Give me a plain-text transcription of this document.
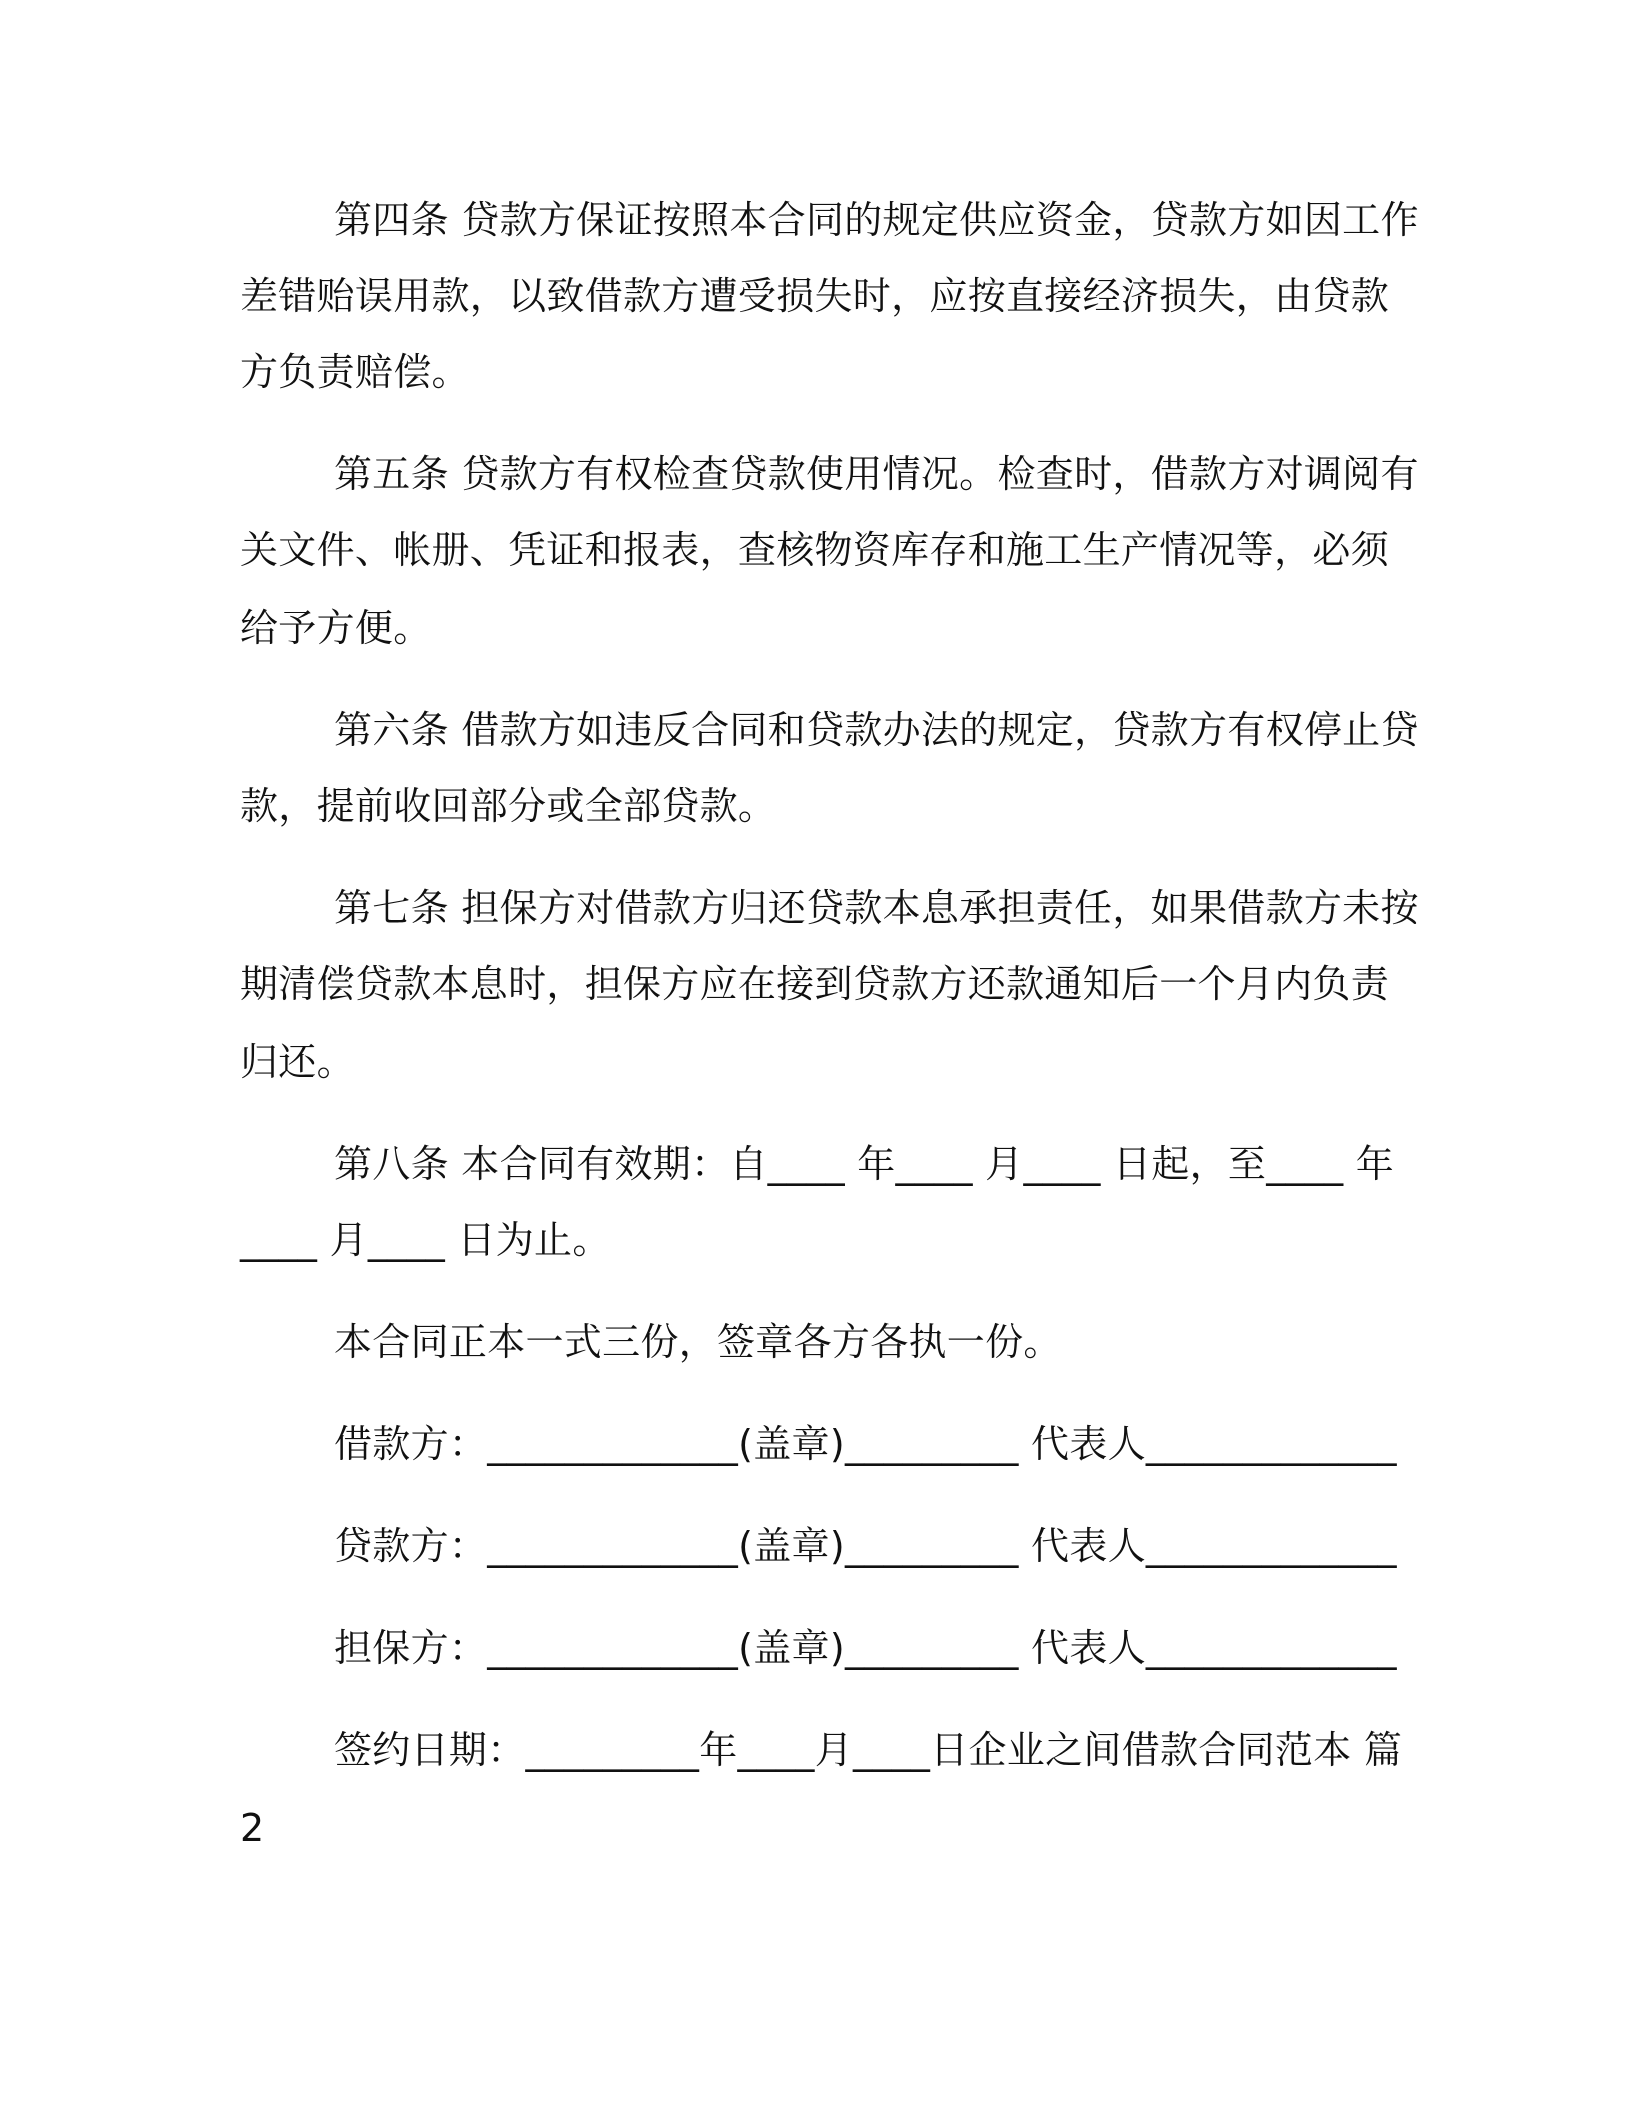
第四条 贷款方保证按照本合同的规定供应资金，贷款方如因工作
差错贻误用款，以致借款方遭受损失时，应按直接经济损失，由贷款
方负责赔偿。
第五条 贷款方有权检查贷款使用情况。检查时，借款方对调阅有
关文件、帐册、凭证和报表，查核物资库存和施工生产情况等，必须
给予方便。
第六条 借款方如违反合同和贷款办法的规定，贷款方有权停止贷
款，提前收回部分或全部贷款。
第七条 担保方对借款方归还贷款本息承担责任，如果借款方未按
期清偿贷款本息时，担保方应在接到贷款方还款通知后一个月内负责
归还。
第八条 本合同有效期：自____ 年____ 月____ 日起，至____ 年
____ 月____ 日为止。
本合同正本一式三份，签章各方各执一份。
借款方：_____________(盖章)_________ 代表人_____________
贷款方：_____________(盖章)_________ 代表人_____________
担保方：_____________(盖章)_________ 代表人_____________
签约日期：_________年____月____日企业之间借款合同范本 篇
2
